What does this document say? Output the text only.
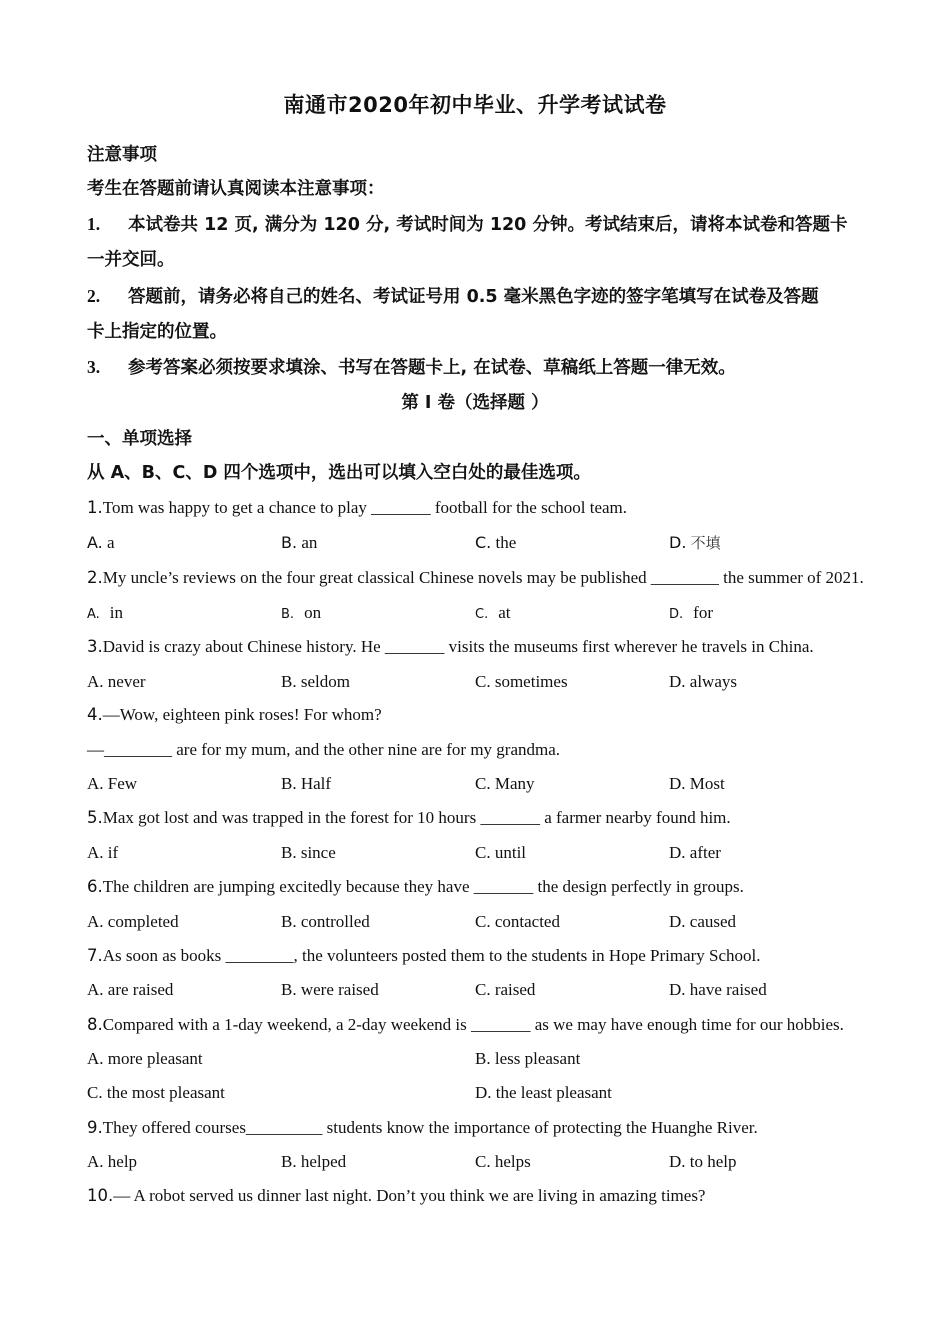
南通市2020年初中毕业、升学考试试卷
注意事项
考生在答题前请认真阅读本注意事项：
1. 本试卷共 12 页, 满分为 120 分, 考试时间为 120 分钟。考试结束后，请将本试卷和答题卡
一并交回。
2. 答题前，请务必将自己的姓名、考试证号用 0.5 毫米黑色字迹的签字笔填写在试卷及答题
卡上指定的位置。
3. 参考答案必须按要求填涂、书写在答题卡上, 在试卷、草稿纸上答题一律无效。
第 I 卷（选择题 ）
一、单项选择
从 A、B、C、D 四个选项中，选出可以填入空白处的最佳选项。
1.Tom was happy to get a chance to play _______ football for the school team.
A. a	B. an	C. the	D. 不填
2.My uncle’s reviews on the four great classical Chinese novels may be published ________ the summer of 2021.
A. in	B. on	C. at	D. for
3.David is crazy about Chinese history. He _______ visits the museums first wherever he travels in China.
A. never	B. seldom	C. sometimes	D. always
4.—Wow, eighteen pink roses! For whom?
—________ are for my mum, and the other nine are for my grandma.
A. Few	B. Half	C. Many	D. Most
5.Max got lost and was trapped in the forest for 10 hours _______ a farmer nearby found him.
A. if	B. since	C. until	D. after
6.The children are jumping excitedly because they have _______ the design perfectly in groups.
A. completed	B. controlled	C. contacted	D. caused
7.As soon as books ________, the volunteers posted them to the students in Hope Primary School.
A. are raised	B. were raised	C. raised	D. have raised
8.Compared with a 1-day weekend, a 2-day weekend is _______ as we may have enough time for our hobbies.
A. more pleasant	B. less pleasant
C. the most pleasant	D. the least pleasant
9.They offered courses_________ students know the importance of protecting the Huanghe River.
A. help	B. helped	C. helps	D. to help
10.— A robot served us dinner last night. Don’t you think we are living in amazing times?
